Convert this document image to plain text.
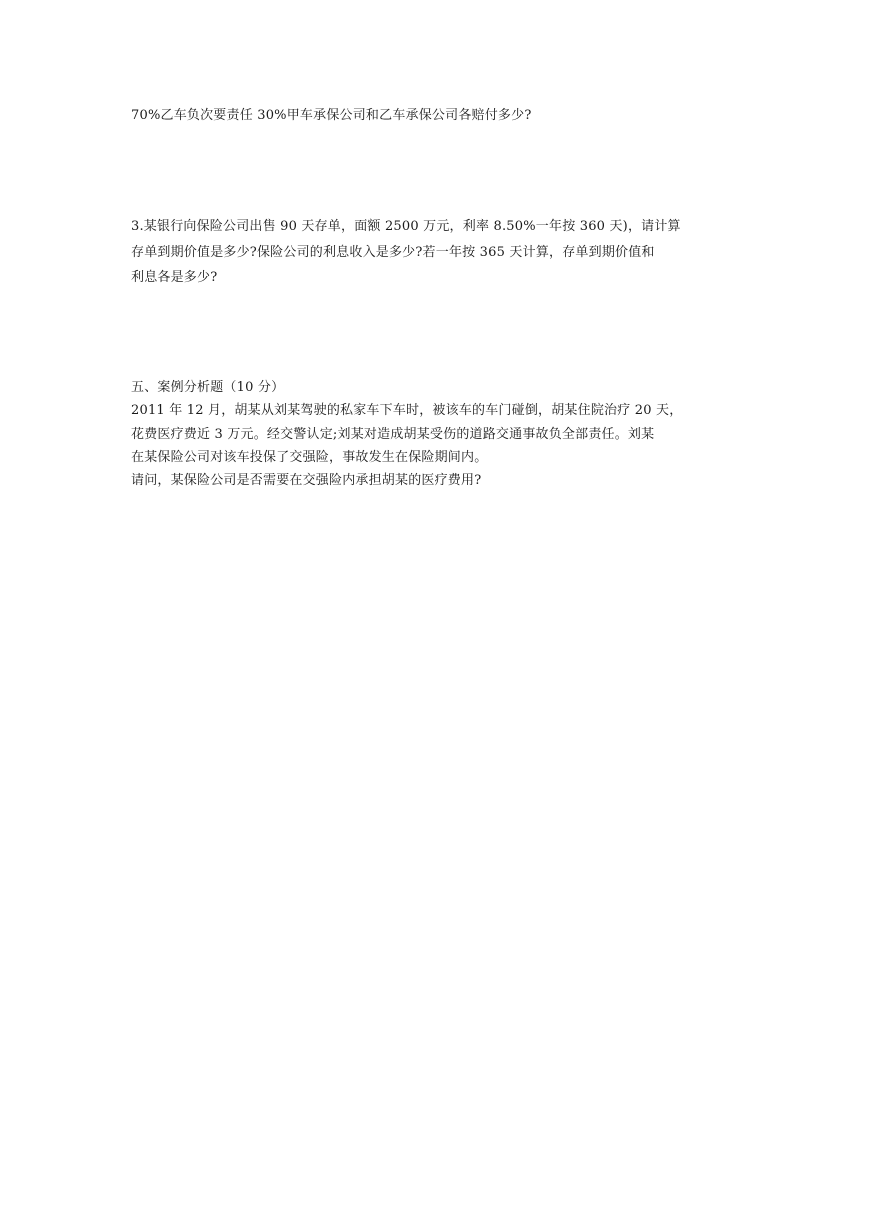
70%乙车负次要责任 30%甲车承保公司和乙车承保公司各赔付多少?
3.某银行向保险公司出售 90 天存单，面额 2500 万元，利率 8.50%一年按 360 天)，请计算
存单到期价值是多少?保险公司的利息收入是多少?若一年按 365 天计算，存单到期价值和
利息各是多少?
五、案例分析题（10 分）
2011 年 12 月，胡某从刘某驾驶的私家车下车时，被该车的车门碰倒，胡某住院治疗 20 天，
花费医疗费近 3 万元。经交警认定;刘某对造成胡某受伤的道路交通事故负全部责任。刘某
在某保险公司对该车投保了交强险，事故发生在保险期间内。
请问，某保险公司是否需要在交强险内承担胡某的医疗费用?
